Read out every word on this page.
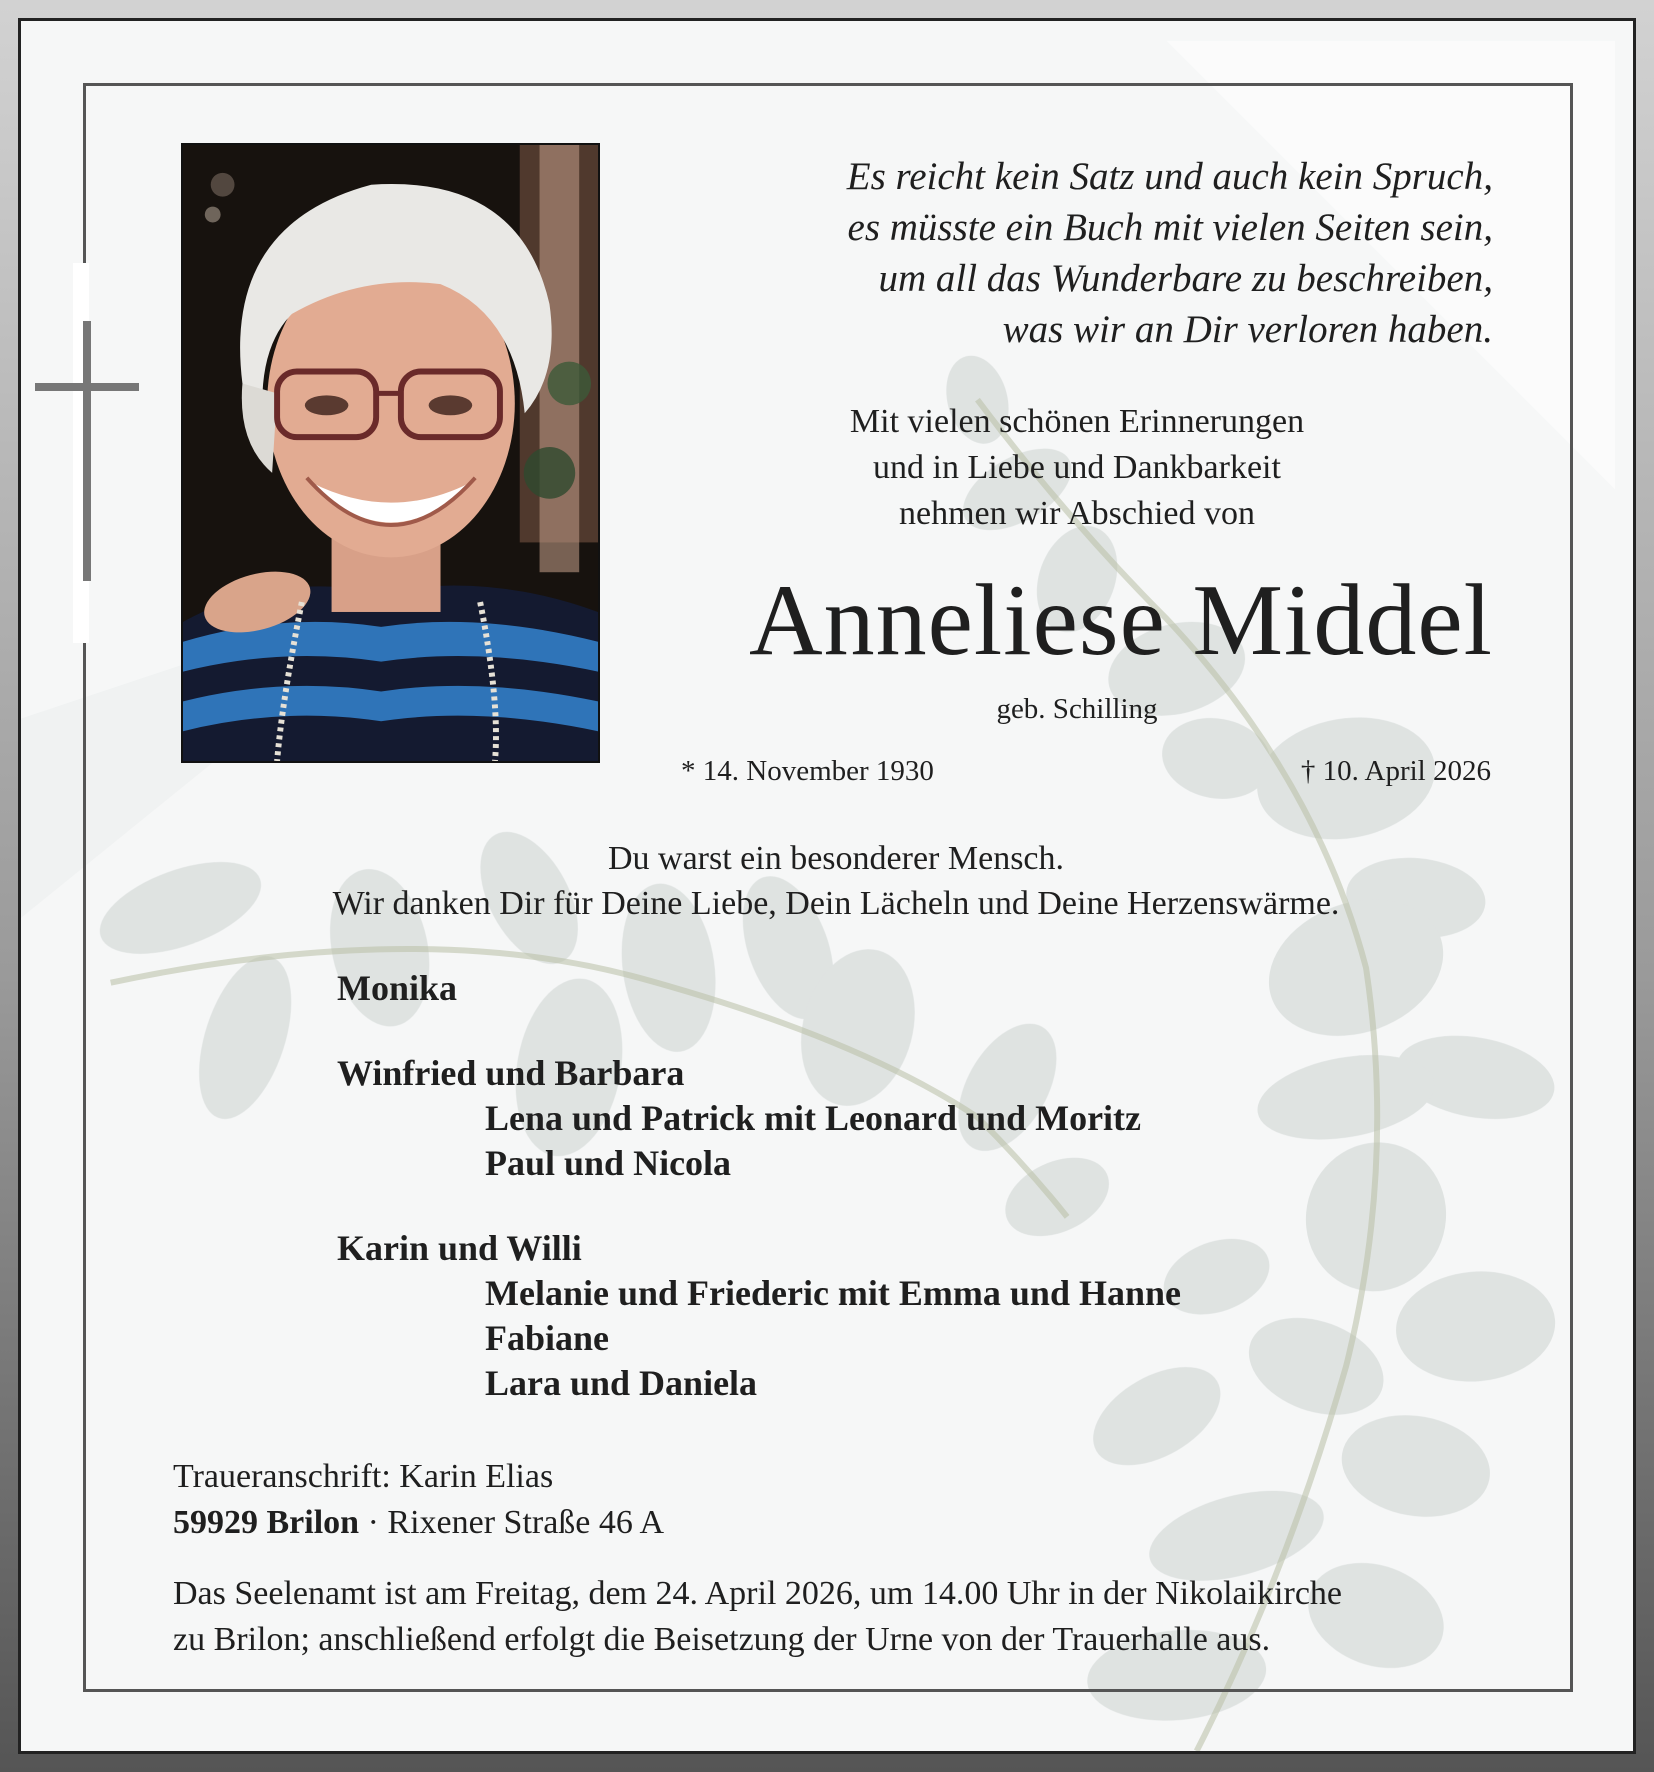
Es reicht kein Satz und auch kein Spruch,
es müsste ein Buch mit vielen Seiten sein,
um all das Wunderbare zu beschreiben,
was wir an Dir verloren haben.
Mit vielen schönen Erinnerungen
und in Liebe und Dankbarkeit
nehmen wir Abschied von
Anneliese Middel
geb. Schilling
* 14. November 1930	† 10. April 2026
Du warst ein besonderer Mensch.
Wir danken Dir für Deine Liebe, Dein Lächeln und Deine Herzenswärme.
Monika
Winfried und Barbara
Lena und Patrick mit Leonard und Moritz
Paul und Nicola
Karin und Willi
Melanie und Friederic mit Emma und Hanne
Fabiane
Lara und Daniela
Traueranschrift: Karin Elias
59929 Brilon · Rixener Straße 46 A
Das Seelenamt ist am Freitag, dem 24. April 2026, um 14.00 Uhr in der Nikolaikirche
zu Brilon; anschließend erfolgt die Beisetzung der Urne von der Trauerhalle aus.
